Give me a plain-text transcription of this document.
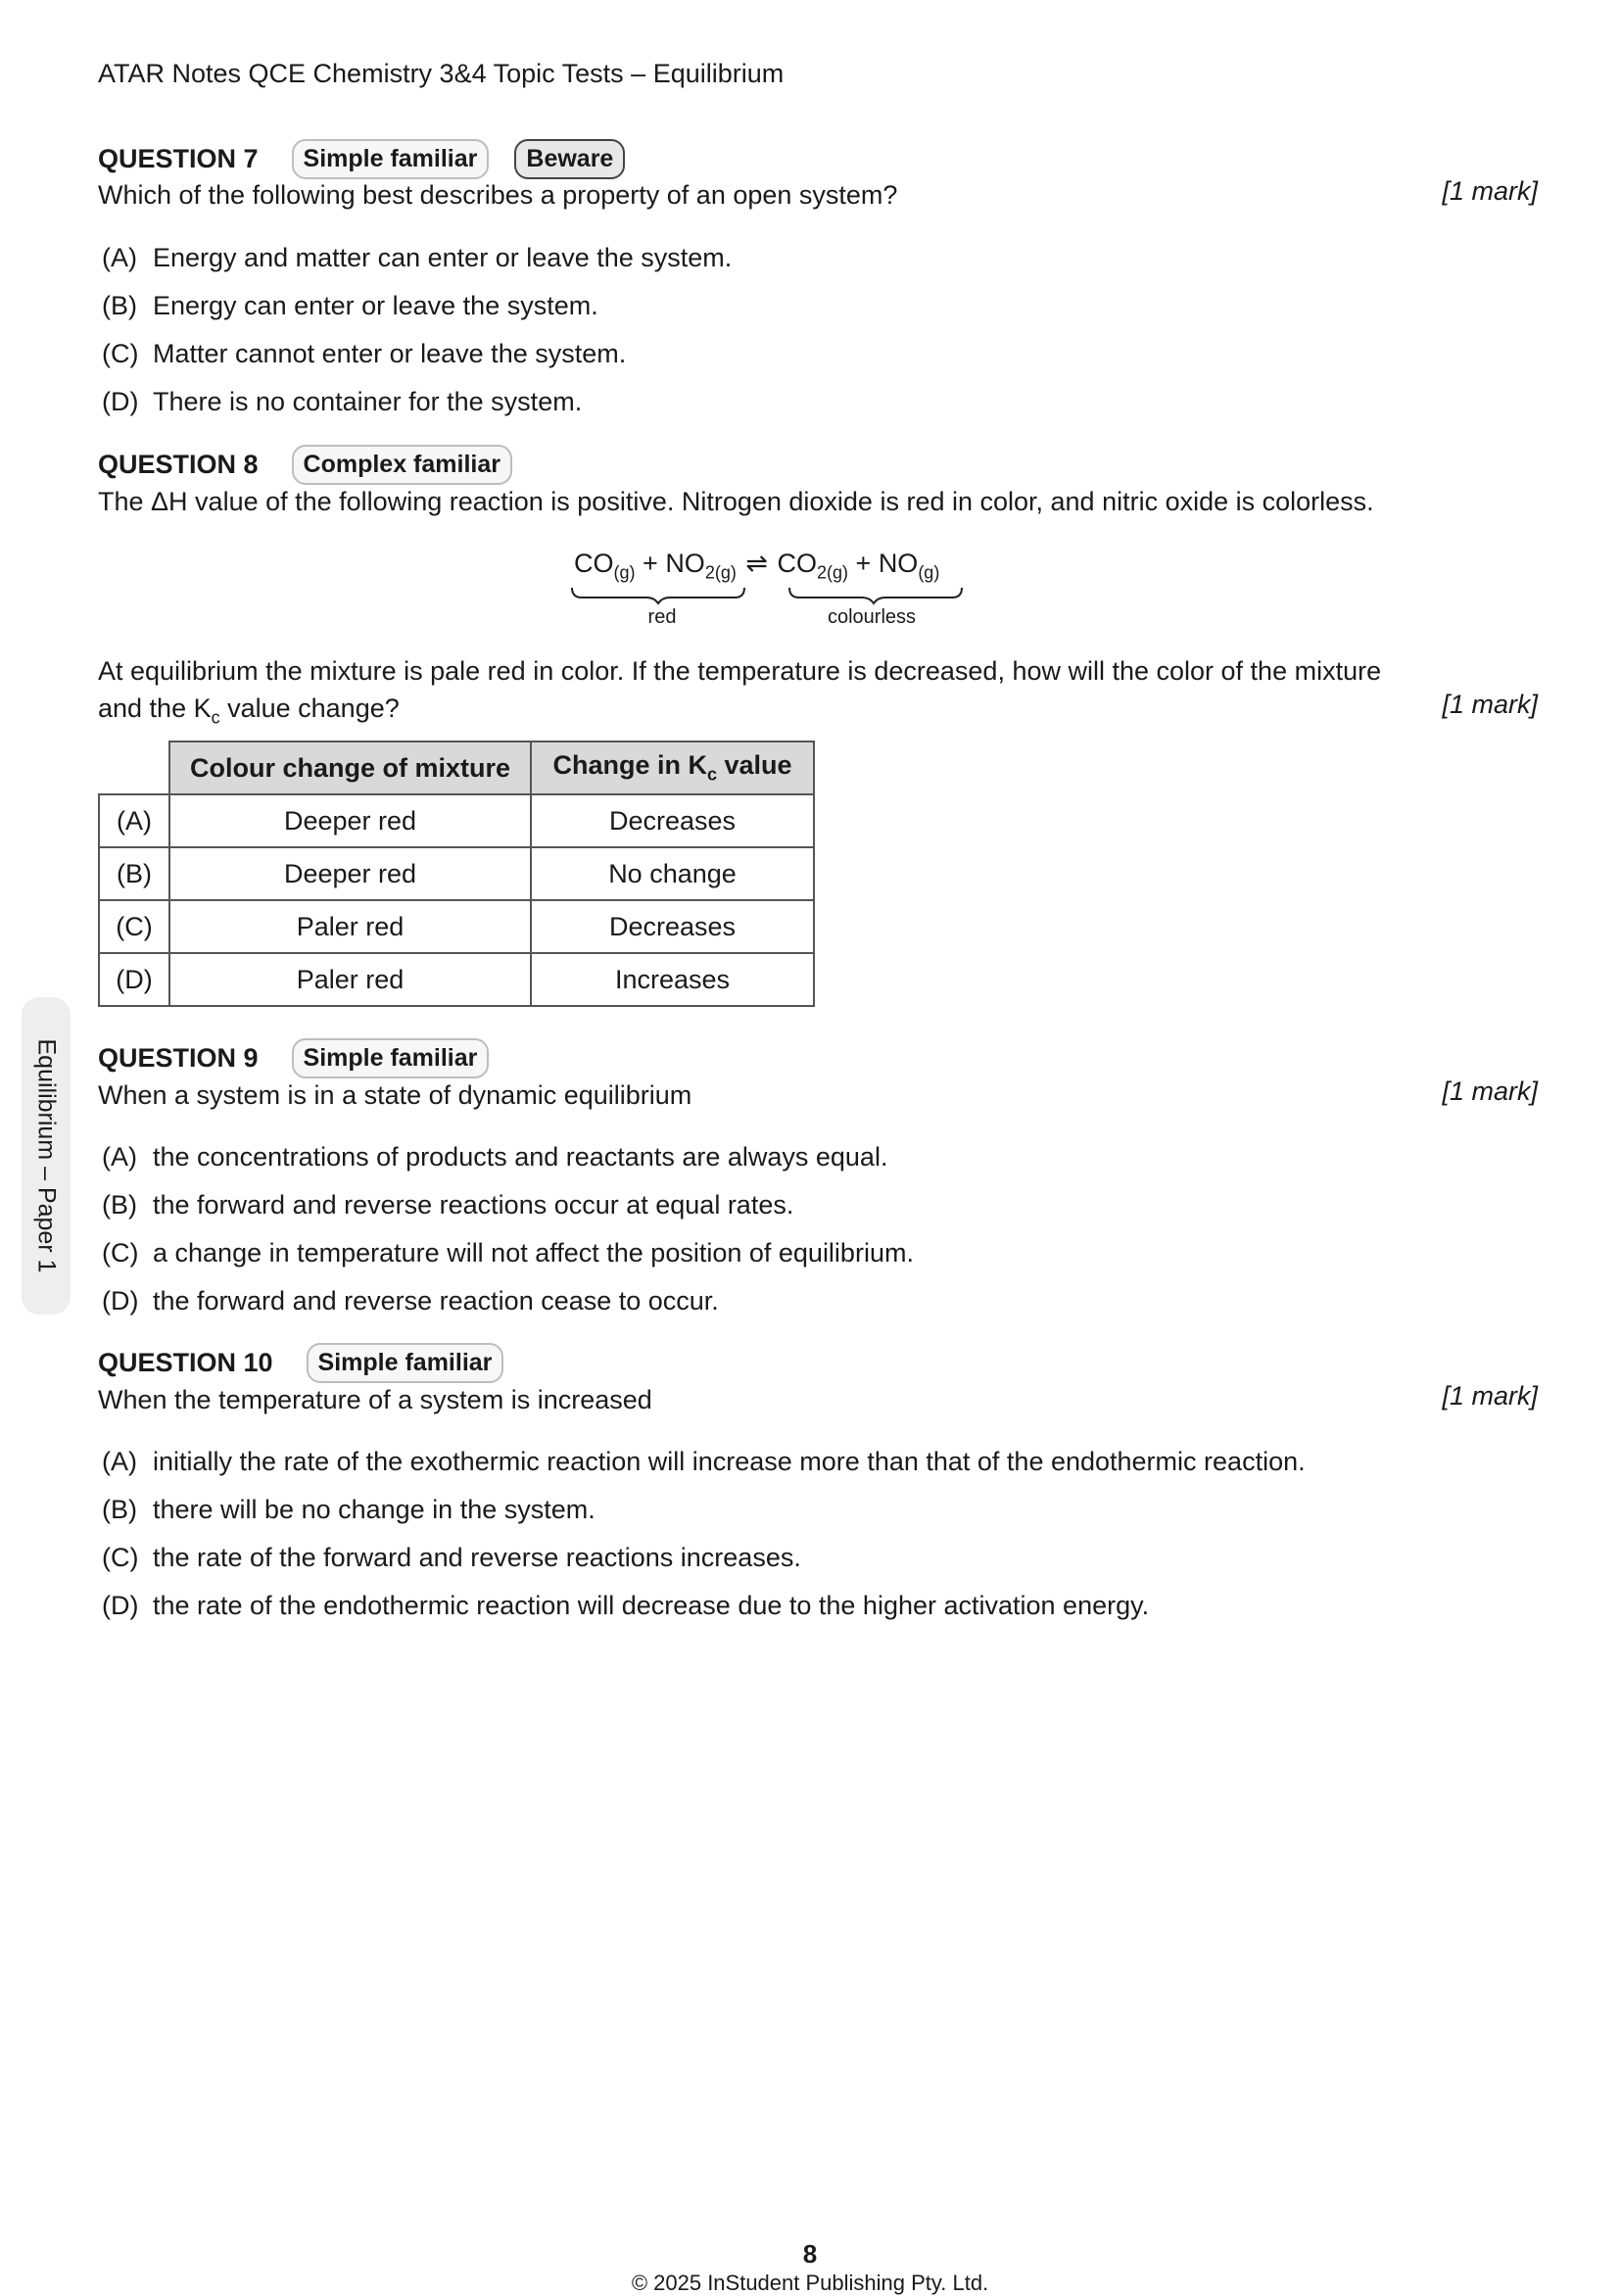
ATAR Notes QCE Chemistry 3&4 Topic Tests – Equilibrium
Equilibrium – Paper 1
QUESTION 7	Simple familiar	Beware
Which of the following best describes a property of an open system?	[1 mark]
(A) Energy and matter can enter or leave the system.
(B) Energy can enter or leave the system.
(C) Matter cannot enter or leave the system.
(D) There is no container for the system.
QUESTION 8	Complex familiar
The ΔH value of the following reaction is positive. Nitrogen dioxide is red in color, and nitric oxide is colorless.
$CO_{(g)} + NO_{2(g)}$ ⇌ $CO_{2(g)} + NO_{(g)}$
red	colourless
At equilibrium the mixture is pale red in color. If the temperature is decreased, how will the color of the mixture
and the $K_c$ value change?	[1 mark]
	Colour change of mixture	Change in $K_c$ value
(A)	Deeper red	Decreases
(B)	Deeper red	No change
(C)	Paler red	Decreases
(D)	Paler red	Increases
QUESTION 9	Simple familiar
When a system is in a state of dynamic equilibrium	[1 mark]
(A) the concentrations of products and reactants are always equal.
(B) the forward and reverse reactions occur at equal rates.
(C) a change in temperature will not affect the position of equilibrium.
(D) the forward and reverse reaction cease to occur.
QUESTION 10	Simple familiar
When the temperature of a system is increased	[1 mark]
(A) initially the rate of the exothermic reaction will increase more than that of the endothermic reaction.
(B) there will be no change in the system.
(C) the rate of the forward and reverse reactions increases.
(D) the rate of the endothermic reaction will decrease due to the higher activation energy.
8
© 2025 InStudent Publishing Pty. Ltd.
